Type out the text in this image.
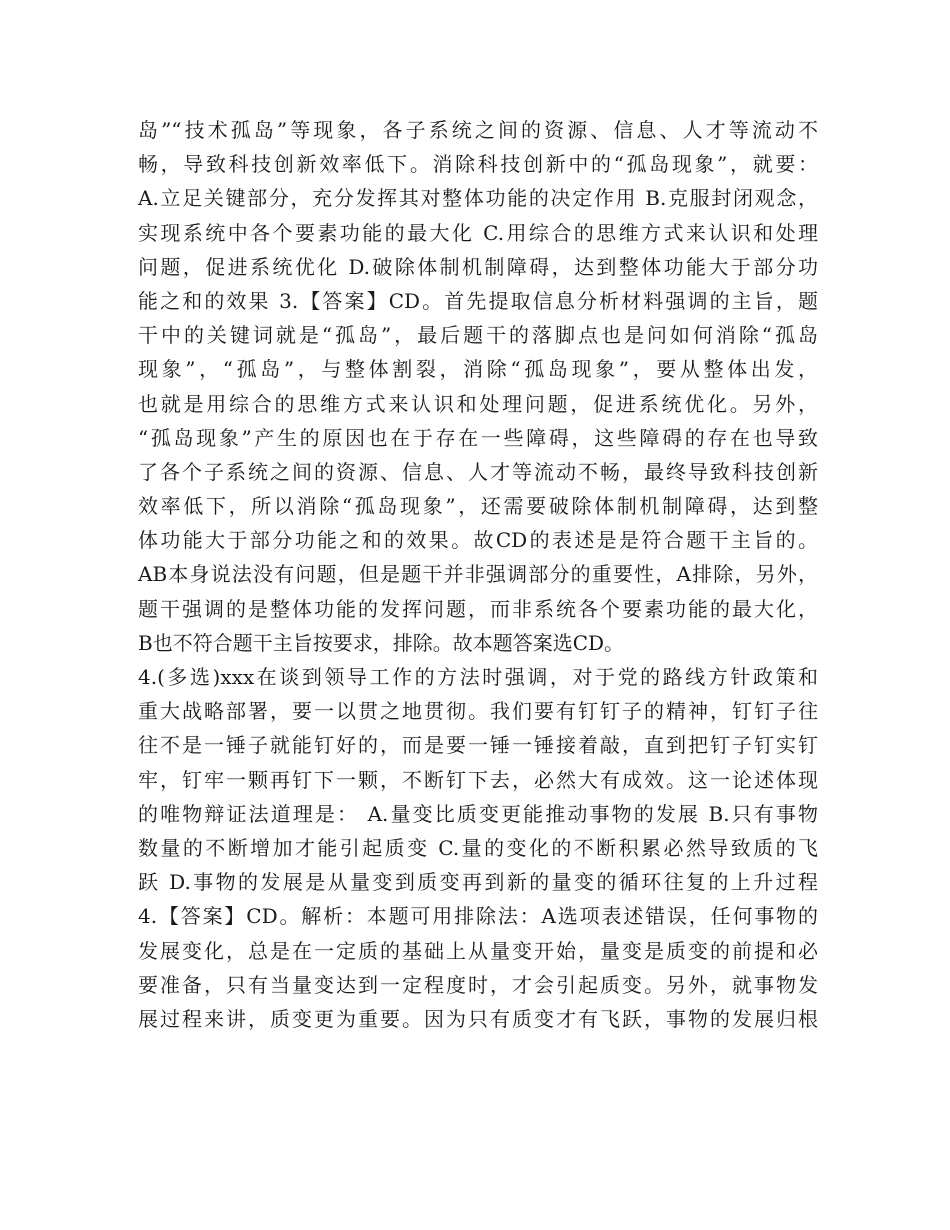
岛”“技术孤岛”等现象，各子系统之间的资源、信息、人才等流动不
畅，导致科技创新效率低下。消除科技创新中的“孤岛现象”，就要：
A.立足关键部分，充分发挥其对整体功能的决定作用 B.克服封闭观念，
实现系统中各个要素功能的最大化 C.用综合的思维方式来认识和处理
问题，促进系统优化 D.破除体制机制障碍，达到整体功能大于部分功
能之和的效果 3.【答案】CD。首先提取信息分析材料强调的主旨，题
干中的关键词就是“孤岛”，最后题干的落脚点也是问如何消除“孤岛
现象”，“孤岛”，与整体割裂，消除“孤岛现象”，要从整体出发，
也就是用综合的思维方式来认识和处理问题，促进系统优化。另外，
“孤岛现象”产生的原因也在于存在一些障碍，这些障碍的存在也导致
了各个子系统之间的资源、信息、人才等流动不畅，最终导致科技创新
效率低下，所以消除“孤岛现象”，还需要破除体制机制障碍，达到整
体功能大于部分功能之和的效果。故CD的表述是是符合题干主旨的。
AB本身说法没有问题，但是题干并非强调部分的重要性，A排除，另外，
题干强调的是整体功能的发挥问题，而非系统各个要素功能的最大化，
B也不符合题干主旨按要求，排除。故本题答案选CD。
4.(多选)xxx在谈到领导工作的方法时强调，对于党的路线方针政策和
重大战略部署，要一以贯之地贯彻。我们要有钉钉子的精神，钉钉子往
往不是一锤子就能钉好的，而是要一锤一锤接着敲，直到把钉子钉实钉
牢，钉牢一颗再钉下一颗，不断钉下去，必然大有成效。这一论述体现
的唯物辩证法道理是： A.量变比质变更能推动事物的发展 B.只有事物
数量的不断增加才能引起质变 C.量的变化的不断积累必然导致质的飞
跃 D.事物的发展是从量变到质变再到新的量变的循环往复的上升过程
4.【答案】CD。解析：本题可用排除法：A选项表述错误，任何事物的
发展变化，总是在一定质的基础上从量变开始，量变是质变的前提和必
要准备，只有当量变达到一定程度时，才会引起质变。另外，就事物发
展过程来讲，质变更为重要。因为只有质变才有飞跃，事物的发展归根
